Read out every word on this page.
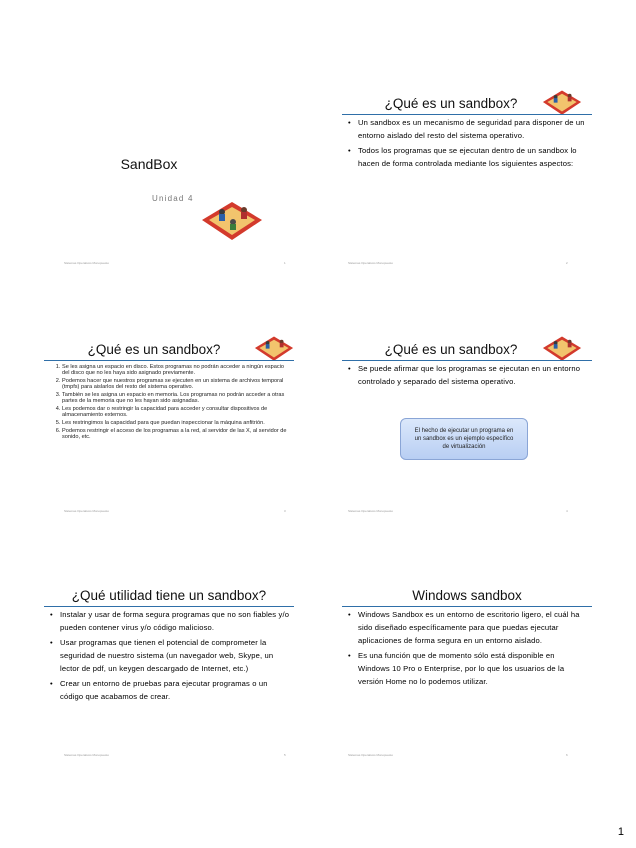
SandBox
Unidad 4
Sistemas Operativos Monopuesto	1
¿Qué es un sandbox?
• Un sandbox es un mecanismo de seguridad para disponer de un entorno aislado del resto del sistema operativo.
• Todos los programas que se ejecutan dentro de un sandbox lo hacen de forma controlada mediante los siguientes aspectos:
Sistemas Operativos Monopuesto	2
¿Qué es un sandbox?
1. Se les asigna un espacio en disco. Estos programas no podrán acceder a ningún espacio del disco que no les haya sido asignado previamente.
2. Podemos hacer que nuestros programas se ejecuten en un sistema de archivos temporal (tmpfs) para aislarlos del resto del sistema operativo.
3. También se les asigna un espacio en memoria. Los programas no podrán acceder a otras partes de la memoria que no les hayan sido asignadas.
4. Les podemos dar o restringir la capacidad para acceder y consultar dispositivos de almacenamiento externos.
5. Les restringimos la capacidad para que puedan inspeccionar la máquina anfitrión.
6. Podemos restringir el acceso de los programas a la red, al servidor de las X, al servidor de sonido, etc.
Sistemas Operativos Monopuesto	3
¿Qué es un sandbox?
• Se puede afirmar que los programas se ejecutan en un entorno controlado y separado del sistema operativo.
El hecho de ejecutar un programa en un sandbox es un ejemplo específico de virtualización
Sistemas Operativos Monopuesto	4
¿Qué utilidad tiene un sandbox?
• Instalar y usar de forma segura programas que no son fiables y/o pueden contener virus y/o código malicioso.
• Usar programas que tienen el potencial de comprometer la seguridad de nuestro sistema (un navegador web, Skype, un lector de pdf, un keygen descargado de Internet, etc.)
• Crear un entorno de pruebas para ejecutar programas o un código que acabamos de crear.
Sistemas Operativos Monopuesto	5
Windows sandbox
• Windows Sandbox es un entorno de escritorio ligero, el cuál ha sido diseñado específicamente para que puedas ejecutar aplicaciones de forma segura en un entorno aislado.
• Es una función que de momento sólo está disponible en Windows 10 Pro o Enterprise, por lo que los usuarios de la versión Home no lo podemos utilizar.
Sistemas Operativos Monopuesto	6
1
